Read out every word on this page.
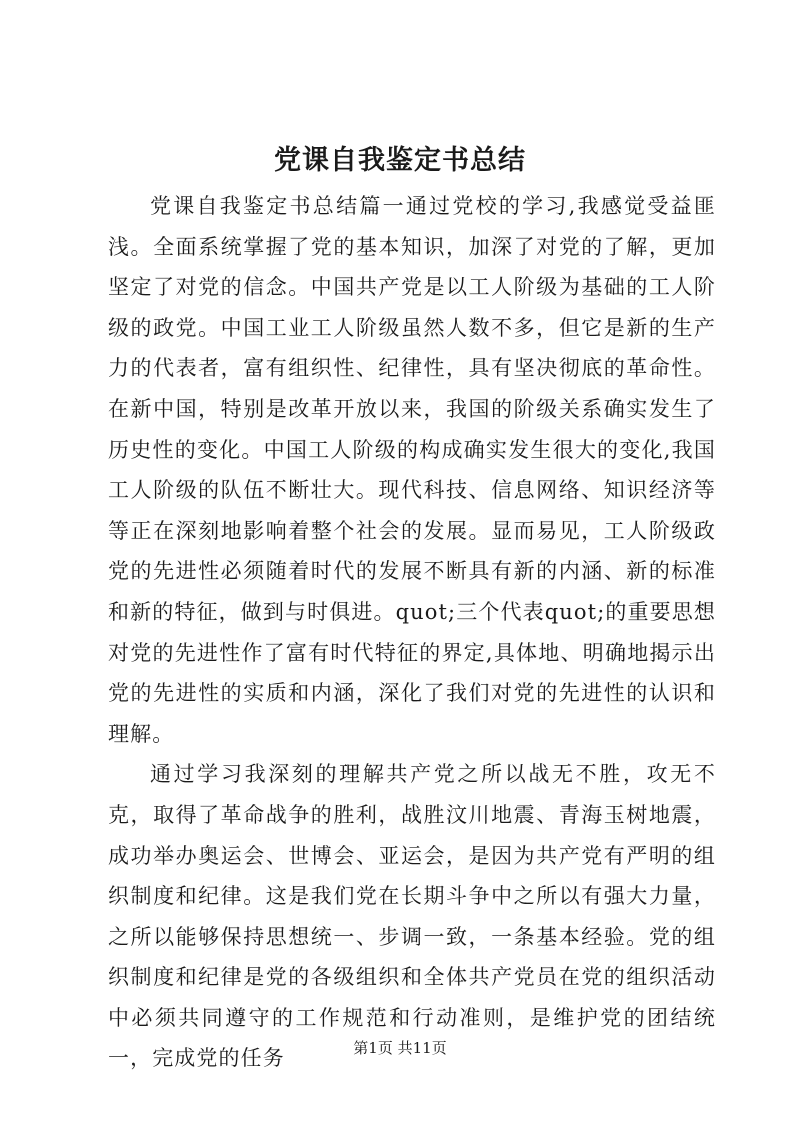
党课自我鉴定书总结

党课自我鉴定书总结篇一通过党校的学习,我感觉受益匪浅。全面系统掌握了党的基本知识，加深了对党的了解，更加坚定了对党的信念。中国共产党是以工人阶级为基础的工人阶级的政党。中国工业工人阶级虽然人数不多，但它是新的生产力的代表者，富有组织性、纪律性，具有坚决彻底的革命性。在新中国，特别是改革开放以来，我国的阶级关系确实发生了历史性的变化。中国工人阶级的构成确实发生很大的变化,我国工人阶级的队伍不断壮大。现代科技、信息网络、知识经济等等正在深刻地影响着整个社会的发展。显而易见，工人阶级政党的先进性必须随着时代的发展不断具有新的内涵、新的标准和新的特征，做到与时俱进。quot;三个代表quot;的重要思想对党的先进性作了富有时代特征的界定,具体地、明确地揭示出党的先进性的实质和内涵，深化了我们对党的先进性的认识和理解。

通过学习我深刻的理解共产党之所以战无不胜，攻无不克，取得了革命战争的胜利，战胜汶川地震、青海玉树地震，成功举办奥运会、世博会、亚运会，是因为共产党有严明的组织制度和纪律。这是我们党在长期斗争中之所以有强大力量，之所以能够保持思想统一、步调一致，一条基本经验。党的组织制度和纪律是党的各级组织和全体共产党员在党的组织活动中必须共同遵守的工作规范和行动准则，是维护党的团结统一，完成党的任务	第1页 共11页
